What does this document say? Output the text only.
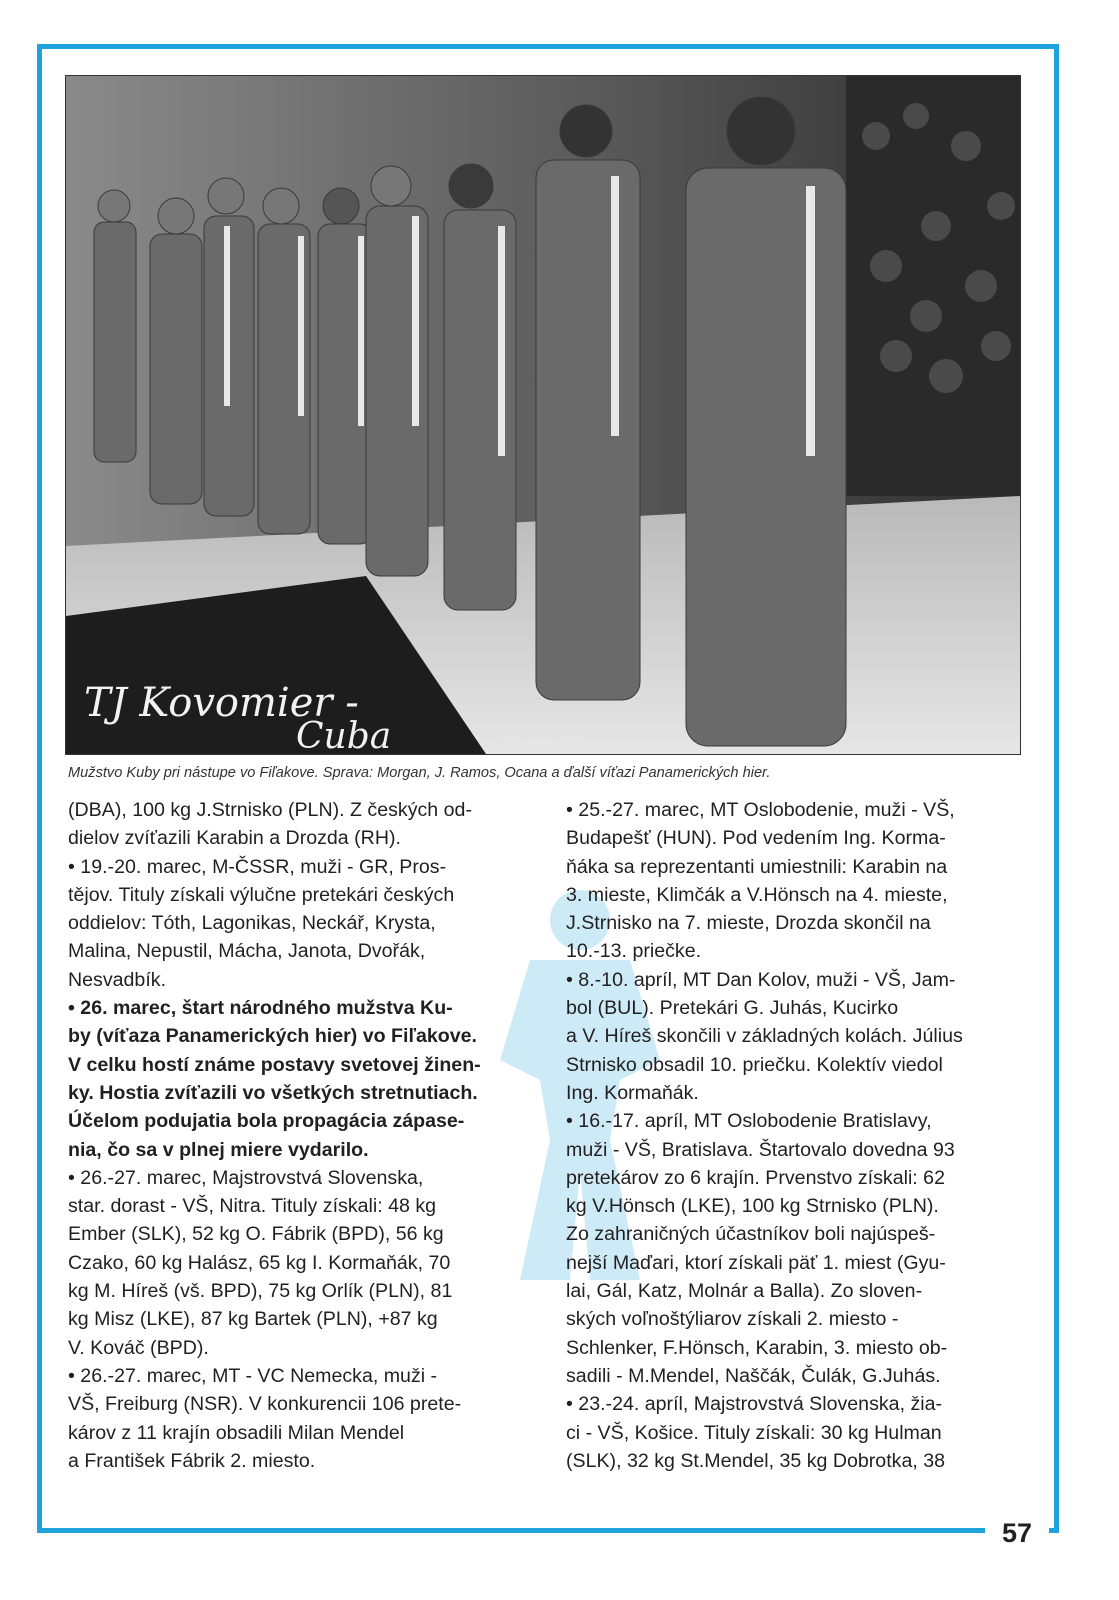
TJ Kovomier -
Cuba	26.III.77
Mužstvo Kuby pri nástupe vo Fiľakove. Sprava: Morgan, J. Ramos, Ocana a ďalší víťazi Panamerických hier.

(DBA), 100 kg J.Strnisko (PLN). Z českých od-
dielov zvíťazili Karabin a Drozda (RH).

• 19.-20. marec, M-ČSSR, muži - GR, Pros-
tějov. Tituly získali výlučne pretekári českých
oddielov: Tóth, Lagonikas, Neckář, Krysta,
Malina, Nepustil, Mácha, Janota, Dvořák,
Nesvadbík.

• 26. marec, štart národného mužstva Ku-
by (víťaza Panamerických hier) vo Fiľakove.
V celku hostí známe postavy svetovej žinen-
ky. Hostia zvíťazili vo všetkých stretnutiach.
Účelom podujatia bola propagácia zápase-
nia, čo sa v plnej miere vydarilo.

• 26.-27. marec, Majstrovstvá Slovenska,
star. dorast - VŠ, Nitra. Tituly získali: 48 kg
Ember (SLK), 52 kg O. Fábrik (BPD), 56 kg
Czako, 60 kg Halász, 65 kg I. Kormaňák, 70
kg M. Híreš (vš. BPD), 75 kg Orlík (PLN), 81
kg Misz (LKE), 87 kg Bartek (PLN), +87 kg
V. Kováč (BPD).

• 26.-27. marec, MT - VC Nemecka, muži -
VŠ, Freiburg (NSR). V konkurencii 106 prete-
károv z 11 krajín obsadili Milan Mendel
a František Fábrik 2. miesto.

• 25.-27. marec, MT Oslobodenie, muži - VŠ,
Budapešť (HUN). Pod vedením Ing. Korma-
ňáka sa reprezentanti umiestnili: Karabin na
3. mieste, Klimčák a V.Hönsch na 4. mieste,
J.Strnisko na 7. mieste, Drozda skončil na
10.-13. priečke.

• 8.-10. apríl, MT Dan Kolov, muži - VŠ, Jam-
bol (BUL). Pretekári G. Juhás, Kucirko
a V. Híreš skončili v základných kolách. Július
Strnisko obsadil 10. priečku. Kolektív viedol
Ing. Kormaňák.

• 16.-17. apríl, MT Oslobodenie Bratislavy,
muži - VŠ, Bratislava. Štartovalo dovedna 93
pretekárov zo 6 krajín. Prvenstvo získali: 62
kg V.Hönsch (LKE), 100 kg Strnisko (PLN).
Zo zahraničných účastníkov boli najúspeš-
nejší Maďari, ktorí získali päť 1. miest (Gyu-
lai, Gál, Katz, Molnár a Balla). Zo sloven-
ských voľnoštýliarov získali 2. miesto -
Schlenker, F.Hönsch, Karabin, 3. miesto ob-
sadili - M.Mendel, Naščák, Čulák, G.Juhás.

• 23.-24. apríl, Majstrovstvá Slovenska, žia-
ci - VŠ, Košice. Tituly získali: 30 kg Hulman
(SLK), 32 kg St.Mendel, 35 kg Dobrotka, 38

57
